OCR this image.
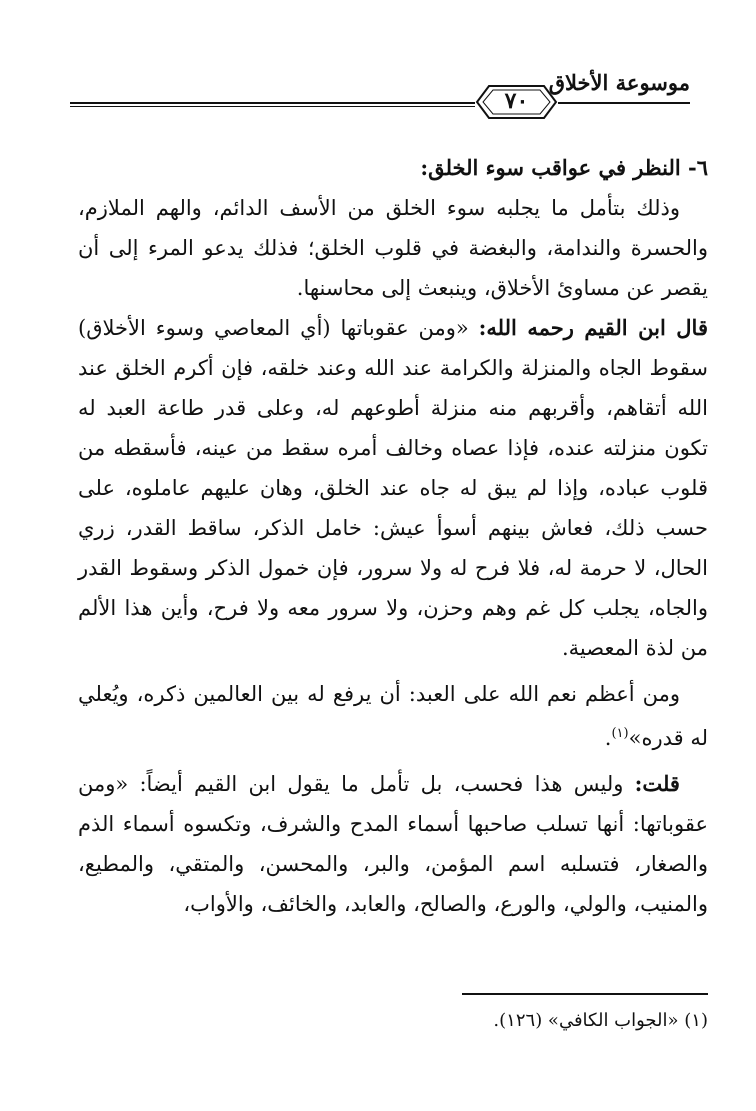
موسوعة الأخلاق
٧٠

٦- النظر في عواقب سوء الخلق:

وذلك بتأمل ما يجلبه سوء الخلق من الأسف الدائم، والهم الملازم، والحسرة والندامة، والبغضة في قلوب الخلق؛ فذلك يدعو المرء إلى أن يقصر عن مساوئ الأخلاق، وينبعث إلى محاسنها.

قال ابن القيم رحمه الله: «ومن عقوباتها (أي المعاصي وسوء الأخلاق) سقوط الجاه والمنزلة والكرامة عند الله وعند خلقه، فإن أكرم الخلق عند الله أتقاهم، وأقربهم منه منزلة أطوعهم له، وعلى قدر طاعة العبد له تكون منزلته عنده، فإذا عصاه وخالف أمره سقط من عينه، فأسقطه من قلوب عباده، وإذا لم يبق له جاه عند الخلق، وهان عليهم عاملوه، على حسب ذلك، فعاش بينهم أسوأ عيش: خامل الذكر، ساقط القدر، زري الحال، لا حرمة له، فلا فرح له ولا سرور، فإن خمول الذكر وسقوط القدر والجاه، يجلب كل غم وهم وحزن، ولا سرور معه ولا فرح، وأين هذا الألم من لذة المعصية.

ومن أعظم نعم الله على العبد: أن يرفع له بين العالمين ذكره، ويُعلي له قدره»$^{(١)}$.

قلت: وليس هذا فحسب، بل تأمل ما يقول ابن القيم أيضاً: «ومن عقوباتها: أنها تسلب صاحبها أسماء المدح والشرف، وتكسوه أسماء الذم والصغار، فتسلبه اسم المؤمن، والبر، والمحسن، والمتقي، والمطيع، والمنيب، والولي، والورع، والصالح، والعابد، والخائف، والأواب،

(١) «الجواب الكافي» (١٢٦).
